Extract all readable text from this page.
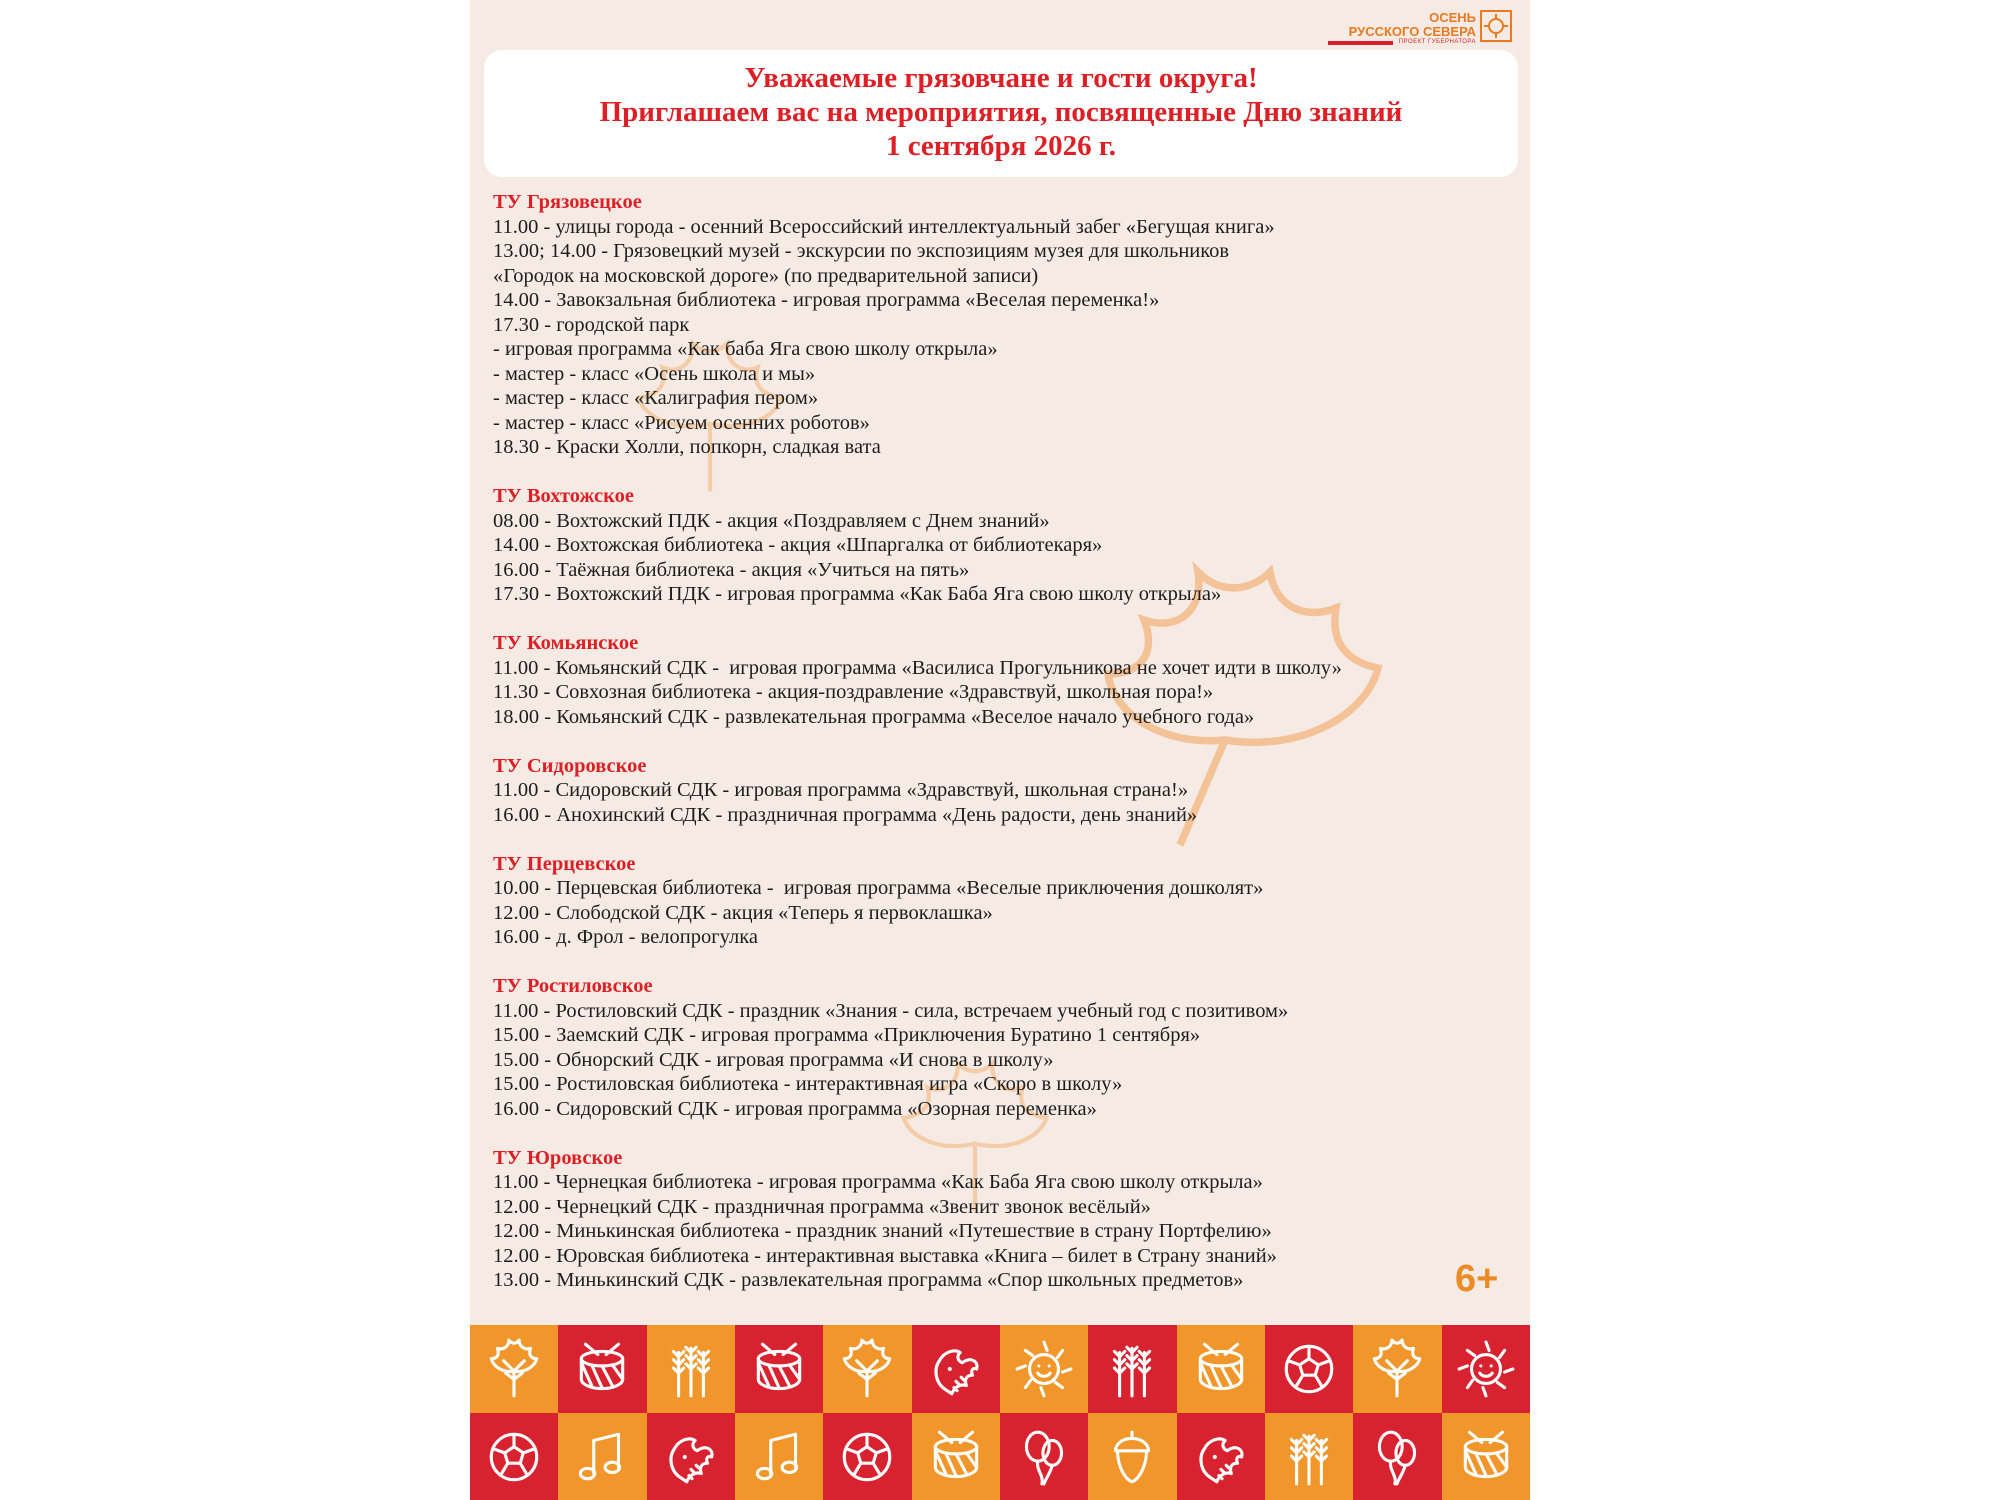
ОСЕНЬ
РУССКОГО СЕВЕРА
ПРОЕКТ ГУБЕРНАТОРА
Уважаемые грязовчане и гости округа!
Приглашаем вас на мероприятия, посвященные Дню знаний
1 сентября 2026 г.
ТУ Грязовецкое
11.00 - улицы города - осенний Всероссийский интеллектуальный забег «Бегущая книга»
13.00; 14.00 - Грязовецкий музей - экскурсии по экспозициям музея для школьников
«Городок на московской дороге» (по предварительной записи)
14.00 - Завокзальная библиотека - игровая программа «Веселая переменка!»
17.30 - городской парк
- игровая программа «Как баба Яга свою школу открыла»
- мастер - класс «Осень школа и мы»
- мастер - класс «Калиграфия пером»
- мастер - класс «Рисуем осенних роботов»
18.30 - Краски Холли, попкорн, сладкая вата
ТУ Вохтожское
08.00 - Вохтожский ПДК - акция «Поздравляем с Днем знаний»
14.00 - Вохтожская библиотека - акция «Шпаргалка от библиотекаря»
16.00 - Таёжная библиотека - акция «Учиться на пять»
17.30 - Вохтожский ПДК - игровая программа «Как Баба Яга свою школу открыла»
ТУ Комьянское
11.00 - Комьянский СДК -  игровая программа «Василиса Прогульникова не хочет идти в школу»
11.30 - Совхозная библиотека - акция-поздравление «Здравствуй, школьная пора!»
18.00 - Комьянский СДК - развлекательная программа «Веселое начало учебного года»
ТУ Сидоровское
11.00 - Сидоровский СДК - игровая программа «Здравствуй, школьная страна!»
16.00 - Анохинский СДК - праздничная программа «День радости, день знаний»
ТУ Перцевское
10.00 - Перцевская библиотека -  игровая программа «Веселые приключения дошколят»
12.00 - Слободской СДК - акция «Теперь я первоклашка»
16.00 - д. Фрол - велопрогулка
ТУ Ростиловское
11.00 - Ростиловский СДК - праздник «Знания - сила, встречаем учебный год с позитивом»
15.00 - Заемский СДК - игровая программа «Приключения Буратино 1 сентября»
15.00 - Обнорский СДК - игровая программа «И снова в школу»
15.00 - Ростиловская библиотека - интерактивная игра «Скоро в школу»
16.00 - Сидоровский СДК - игровая программа «Озорная переменка»
ТУ Юровское
11.00 - Чернецкая библиотека - игровая программа «Как Баба Яга свою школу открыла»
12.00 - Чернецкий СДК - праздничная программа «Звенит звонок весёлый»
12.00 - Минькинская библиотека - праздник знаний «Путешествие в страну Портфелию»
12.00 - Юровская библиотека - интерактивная выставка «Книга – билет в Страну знаний»
13.00 - Минькинский СДК - развлекательная программа «Спор школьных предметов»	6+
